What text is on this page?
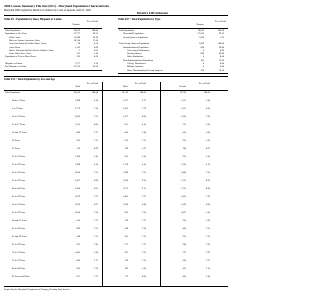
2000 Census Summary File One (SF1) - Maryland Population Characteristics
Maryland 2000 Legislative Districts as Ordered by Court of Appeals, June 21, 2002
District 12B Subtotal
Table P1 : Population by Race, Hispanic or Latino
Number
Pct. of Total
Total Population	38,036	100.00
Population of One Race	37,777	99.32
White Alone	25,080	65.94
Black or African American Alone	10,514	27.64
American Indian & Alaska Native Alone	90	0.24
Asian Alone	1,545	4.06
Native Hawaiian & Other Pacific Islander Alone	7	0.02
Some Other Race Alone	541	1.42
Population of Two or More Races	259	0.68
Hispanic or Latino	1,277	3.36
Not Hispanic or Latino	36,759	96.64
Table P37 : Total Population by Type
Number
Pct. of Total
Total Population	38,036	100.00
Household Population	37,836	99.47
Group Quarters Population	1,000	2.63
Total Group Quarters Population	1,000	100.00
Institutionalized Population	898	89.80
Correctional Institutions	0	0.00
Nursing Homes	898	89.80
Other Institutions	0	0.00
Non-Institutionalized Population	102	10.20
College Dormitories	0	0.00
Military Quarters	0	0.00
Other Noninstitutional Group Quarters	102	10.20
Table P12 : Total Population by Sex and Age
Total
Pct. of Total
Male
Pct. of Total
Female
Pct. of Total
Total Population	38,036	100.00	18,316	100.00	19,720	100.00
Under 5 Years	2,388	6.28	1,237	6.75	1,151	5.84
5 to 9 Years	2,776	7.30	1,425	7.78	1,351	6.85
10 to 14 Years	2,862	7.52	1,477	8.06	1,385	7.02
15 to 17 Years	1,532	4.03	811	4.43	721	3.66
18 and 19 Years	864	2.27	454	2.48	410	2.08
20 Years	423	1.11	222	1.21	201	1.02
21 Years	376	0.99	196	1.07	180	0.91
22 to 24 Years	1,306	3.43	632	3.45	674	3.42
25 to 29 Years	2,398	6.30	1,178	6.43	1,220	6.19
30 to 34 Years	2,866	7.53	1,380	7.53	1,486	7.54
35 to 39 Years	3,457	9.09	1,696	9.26	1,761	8.93
40 to 44 Years	3,428	9.01	1,675	9.15	1,753	8.89
45 to 49 Years	2,879	7.57	1,405	7.67	1,474	7.47
50 to 54 Years	2,629	6.91	1,260	6.88	1,369	6.94
55 to 59 Years	2,030	5.34	963	5.26	1,067	5.41
60 and 61 Years	654	1.72	320	1.75	334	1.69
62 to 64 Years	882	2.32	418	2.28	464	2.35
65 and 66 Years	504	1.33	241	1.32	263	1.33
67 to 69 Years	697	1.83	317	1.73	380	1.93
70 to 74 Years	1,003	2.64	427	2.33	576	2.92
75 to 79 Years	824	2.17	318	1.74	506	2.57
80 to 84 Years	605	1.59	183	1.00	422	2.14
85 Years and Older	657	1.73	172	0.94	485	2.46
Prepared by the Maryland Department of Planning, Planning Data Services.
